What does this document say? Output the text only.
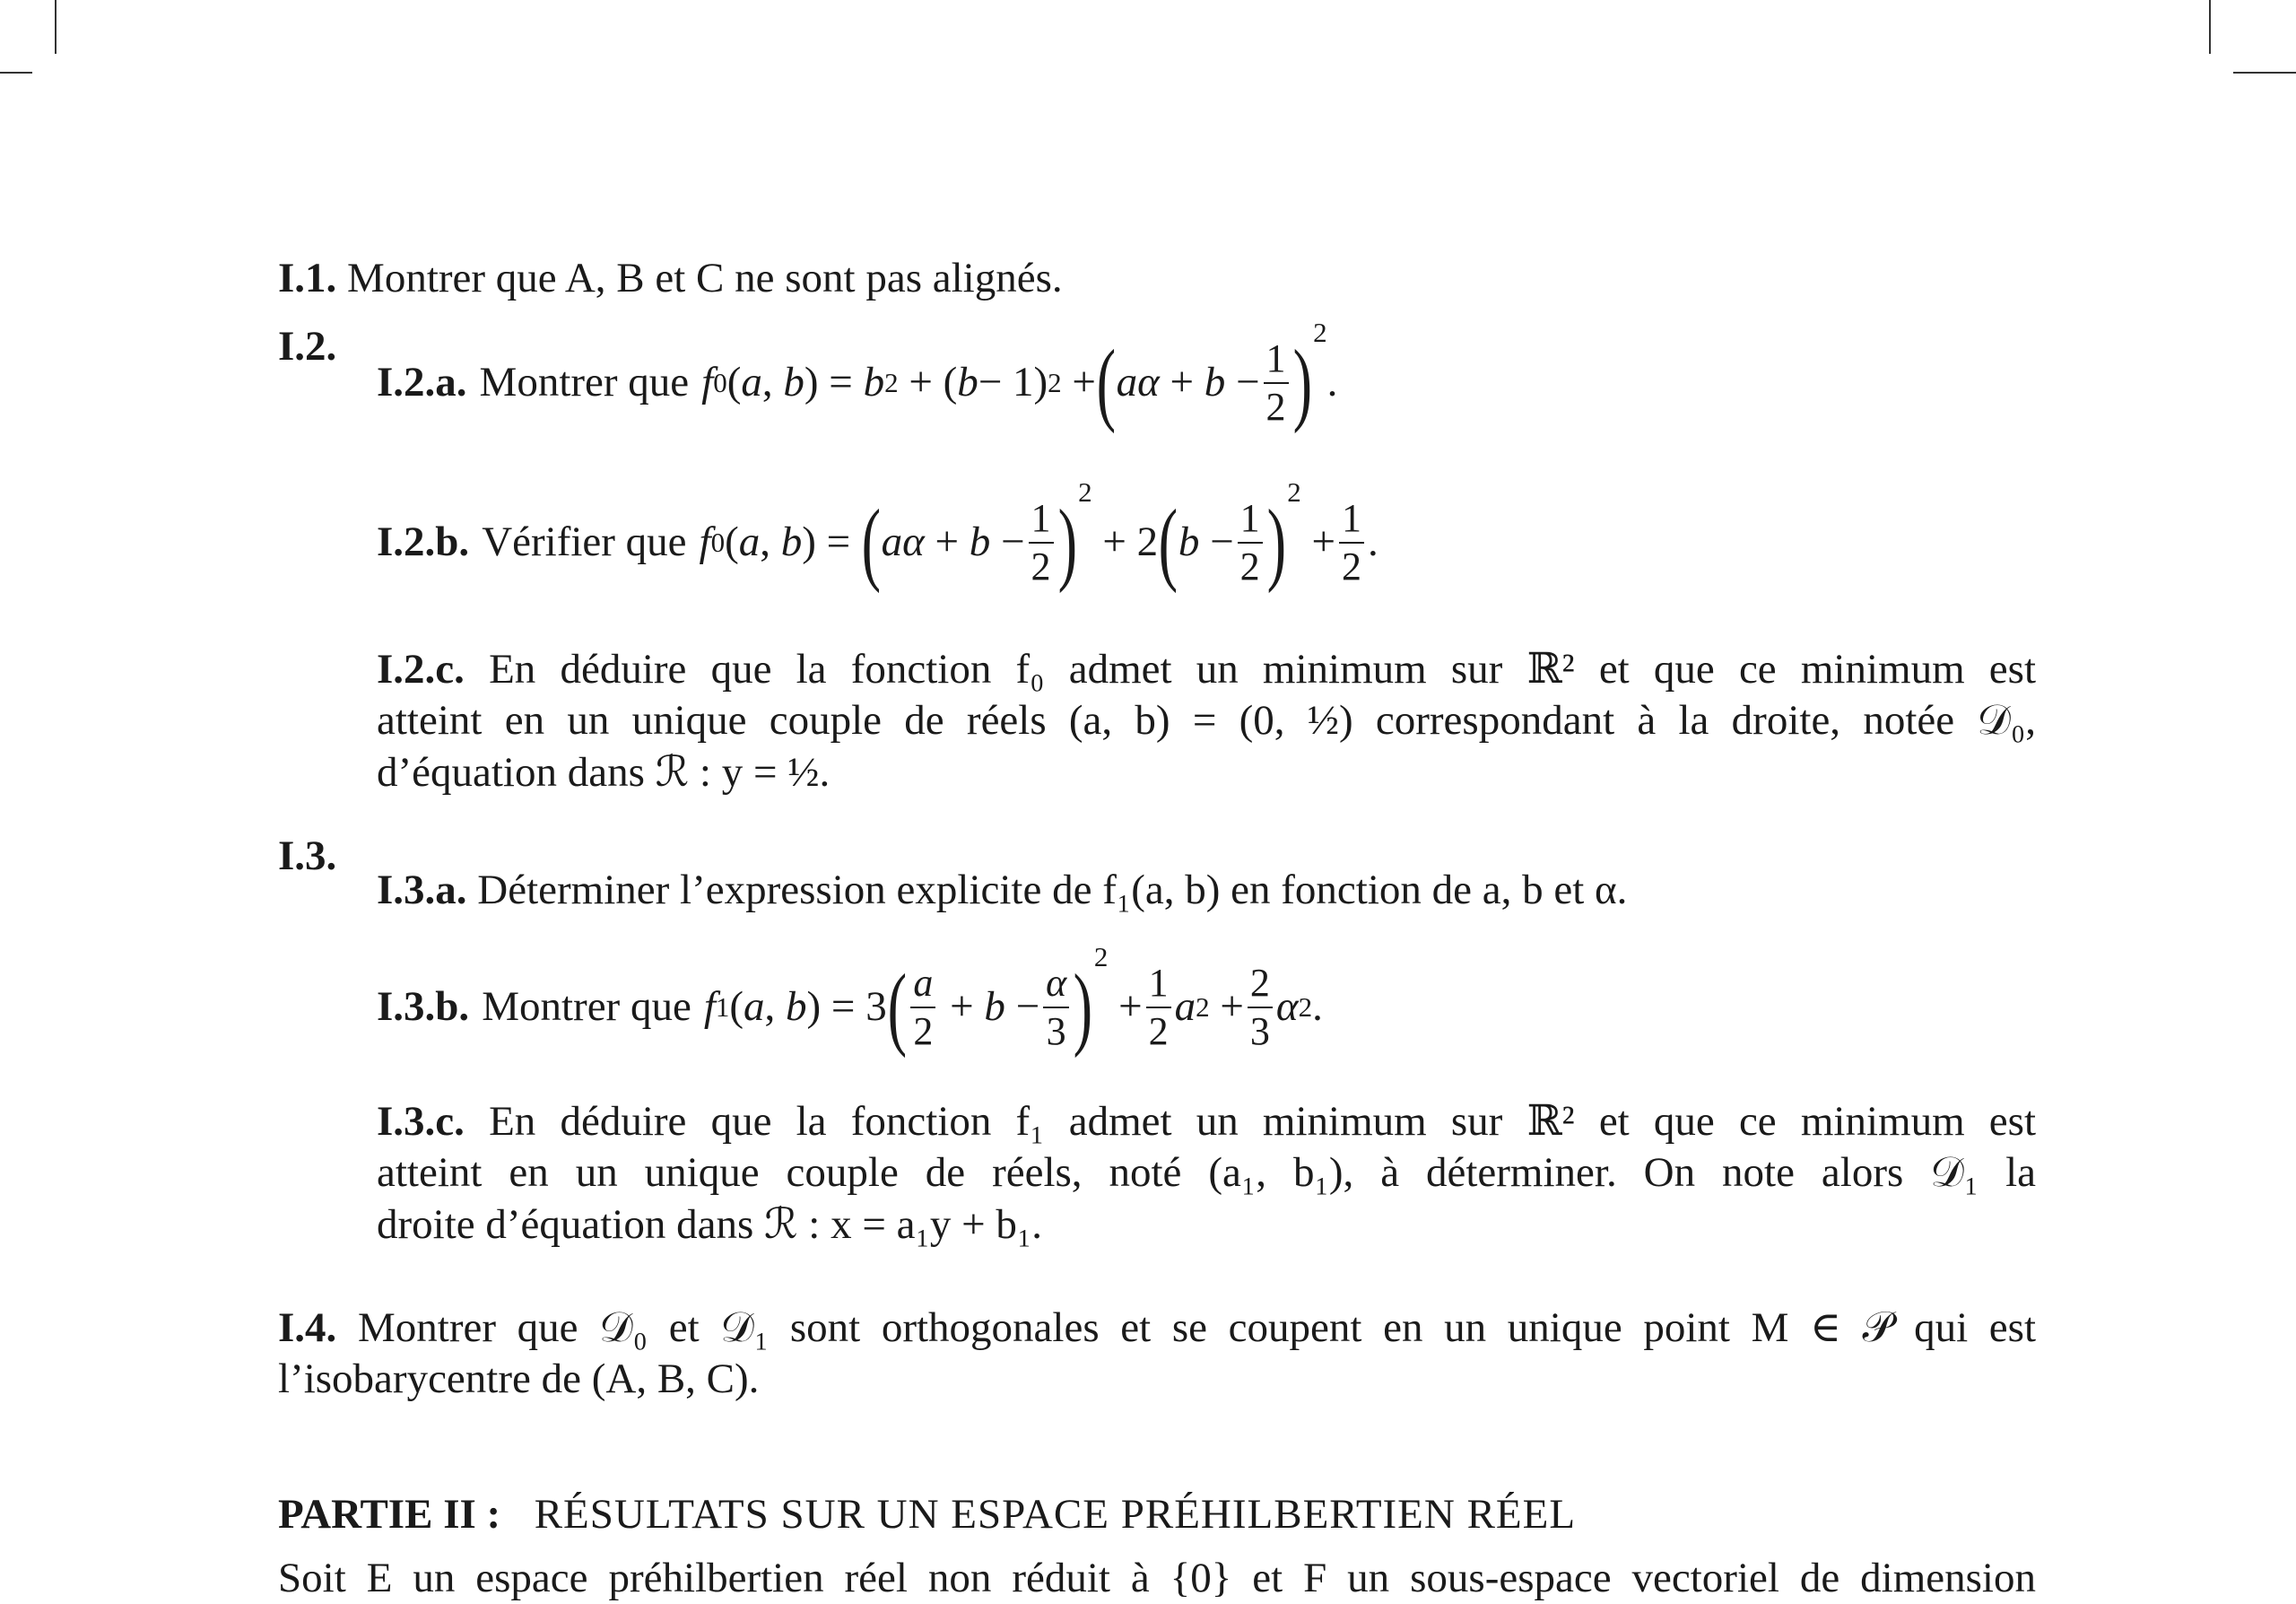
I.1. Montrer que A, B et C ne sont pas alignés.
I.2.
I.2.a. Montrer que f 0 ( a , b ) = b 2 + ( b − 1) 2 + ( $a\alpha + b - \frac{1}{2}$ ) 2
.
I.2.b. Vérifier que f 0 ( a , b ) = ( $a\alpha + b - \frac{1}{2}$ ) 2
+ 2 ( $b - \frac{1}{2}$ ) 2
+ $\frac{1}{2}$ .
I.2.c. En déduire que la fonction f₀ admet un minimum sur ℝ² et que ce minimum est
atteint en un unique couple de réels (a, b) = (0, ½) correspondant à la droite, notée 𝒟₀,
d’équation dans ℛ : y = ½.
I.3.
I.3.a. Déterminer l’expression explicite de f₁(a, b) en fonction de a, b et α.
I.3.b. Montrer que f 1 ( a , b ) = 3 ( $\frac{a}{2} + b - \frac{\alpha}{3}$ ) 2
+ $\frac{1}{2}$ a $2 + \frac{2}{3}$ α 2 .
I.3.c. En déduire que la fonction f₁ admet un minimum sur ℝ² et que ce minimum est
atteint en un unique couple de réels, noté (a₁, b₁), à déterminer. On note alors 𝒟₁ la
droite d’équation dans ℛ : x = a₁y + b₁.
I.4. Montrer que 𝒟₀ et 𝒟₁ sont orthogonales et se coupent en un unique point M ∈ 𝒫 qui est
l’isobarycentre de (A, B, C).
PARTIE II : RÉSULTATS SUR UN ESPACE PRÉHILBERTIEN RÉEL
Soit E un espace préhilbertien réel non réduit à {0} et F un sous-espace vectoriel de dimension
